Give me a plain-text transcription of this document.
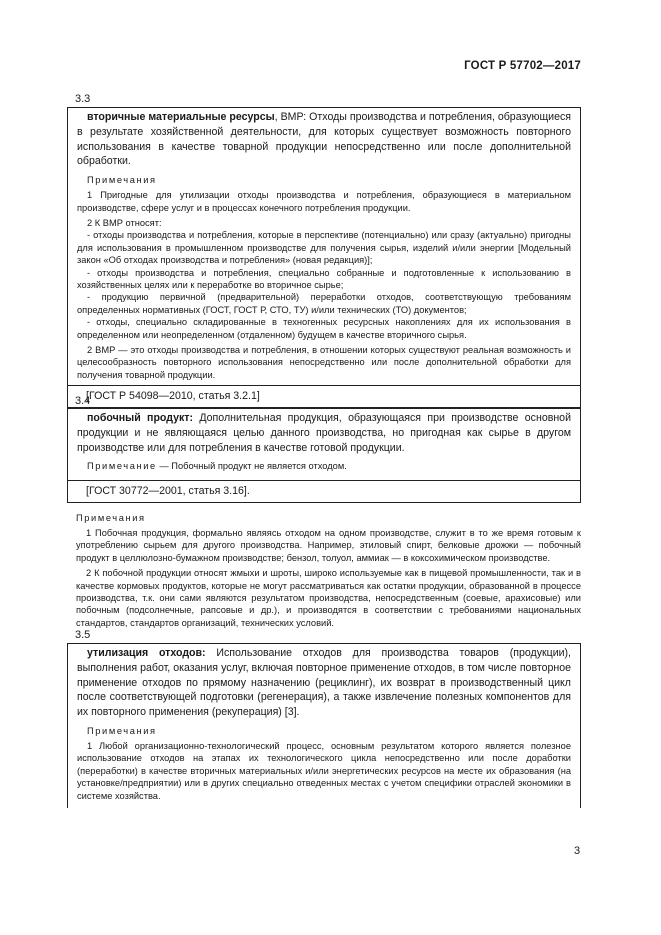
ГОСТ Р 57702—2017
3.3

вторичные материальные ресурсы, ВМР: Отходы производства и потребления, образующиеся в результате хозяйственной деятельности, для которых существует возможность повторного использования в качестве товарной продукции непосредственно или после дополнительной обработки.

Примечания

1 Пригодные для утилизации отходы производства и потребления, образующиеся в материальном производстве, сфере услуг и в процессах конечного потребления продукции.

2 К ВМР относят:

- отходы производства и потребления, которые в перспективе (потенциально) или сразу (актуально) пригодны для использования в промышленном производстве для получения сырья, изделий и/или энергии [Модельный закон «Об отходах производства и потребления» (новая редакция)];

- отходы производства и потребления, специально собранные и подготовленные к использованию в хозяйственных целях или к переработке во вторичное сырье;

- продукцию первичной (предварительной) переработки отходов, соответствующую требованиям определенных нормативных (ГОСТ, ГОСТ Р, СТО, ТУ) и/или технических (ТО) документов;

- отходы, специально складированные в техногенных ресурсных накоплениях для их использования в определенном или неопределенном (отдаленном) будущем в качестве вторичного сырья.

2 ВМР — это отходы производства и потребления, в отношении которых существуют реальная возможность и целесообразность повторного использования непосредственно или после дополнительной обработки для получения товарной продукции.

[ГОСТ Р 54098—2010, статья 3.2.1]

3.4

побочный продукт: Дополнительная продукция, образующаяся при производстве основной продукции и не являющаяся целью данного производства, но пригодная как сырье в другом производстве или для потребления в качестве готовой продукции.

Примечание — Побочный продукт не является отходом.

[ГОСТ 30772—2001, статья 3.16].

Примечания

1 Побочная продукция, формально являясь отходом на одном производстве, служит в то же время готовым к употреблению сырьем для другого производства. Например, этиловый спирт, белковые дрожжи — побочный продукт в целлюлозно-бумажном производстве; бензол, толуол, аммиак — в коксохимическом производстве.

2 К побочной продукции относят жмыхи и шроты, широко используемые как в пищевой промышленности, так и в качестве кормовых продуктов, которые не могут рассматриваться как остатки продукции, образованной в процессе производства, т.к. они сами являются результатом производства, непосредственным (соевые, арахисовые) или побочным (подсолнечные, рапсовые и др.), и производятся в соответствии с требованиями национальных стандартов, стандартов организаций, технических условий.

3.5

утилизация отходов: Использование отходов для производства товаров (продукции), выполнения работ, оказания услуг, включая повторное применение отходов, в том числе повторное применение отходов по прямому назначению (рециклинг), их возврат в производственный цикл после соответствующей подготовки (регенерация), а также извлечение полезных компонентов для их повторного применения (рекуперация) [3].

Примечания

1 Любой организационно-технологический процесс, основным результатом которого является полезное использование отходов на этапах их технологического цикла непосредственно или после доработки (переработки) в качестве вторичных материальных и/или энергетических ресурсов на месте их образования (на установке/предприятии) или в других специально отведенных местах с учетом специфики отраслей экономики в системе хозяйства.

3
